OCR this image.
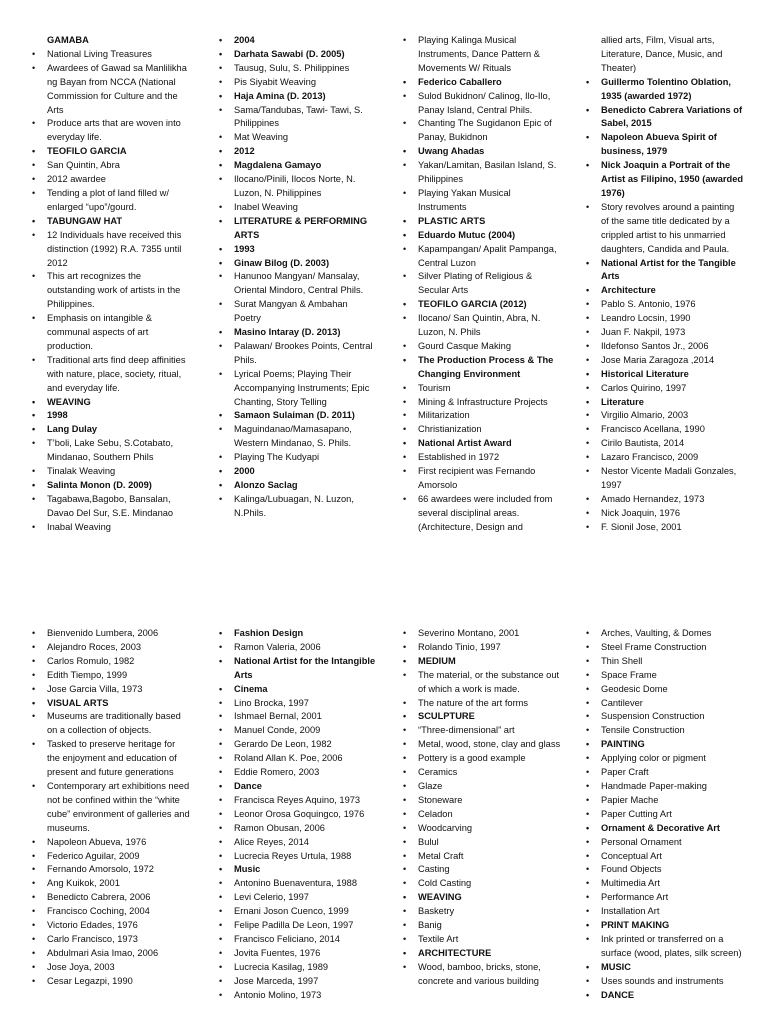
GAMABA
• National Living Treasures
• Awardees of Gawad sa Manlilikha ng Bayan from NCCA (National Commission for Culture and the Arts
• Produce arts that are woven into everyday life.
• TEOFILO GARCIA
• San Quintin, Abra
• 2012 awardee
• Tending a plot of land filled w/ enlarged “upo”/gourd.
• TABUNGAW HAT
• 12 Individuals have received this distinction (1992) R.A. 7355 until 2012
• This art recognizes the outstanding work of artists in the Philippines.
• Emphasis on intangible & communal aspects of art production.
• Traditional arts find deep affinities with nature, place, society, ritual, and everyday life.
• WEAVING
• 1998
• Lang Dulay
• T’boli, Lake Sebu, S.Cotabato, Mindanao, Southern Phils
• Tinalak Weaving
• Salinta Monon (D. 2009)
• Tagabawa,Bagobo, Bansalan, Davao Del Sur, S.E. Mindanao
• Inabal Weaving
• 2004
• Darhata Sawabi (D. 2005)
• Tausug, Sulu, S. Philippines
• Pis Siyabit Weaving
• Haja Amina (D. 2013)
• Sama/Tandubas, Tawi- Tawi, S. Philippines
• Mat Weaving
• 2012
• Magdalena Gamayo
• Ilocano/Pinili, Ilocos Norte, N. Luzon, N. Philippines
• Inabel Weaving
• LITERATURE & PERFORMING ARTS
• 1993
• Ginaw Bilog (D. 2003)
• Hanunoo Mangyan/ Mansalay, Oriental Mindoro, Central Phils.
• Surat Mangyan & Ambahan Poetry
• Masino Intaray (D. 2013)
• Palawan/ Brookes Points, Central Phils.
• Lyrical Poems; Playing Their Accompanying Instruments; Epic Chanting, Story Telling
• Samaon Sulaiman (D. 2011)
• Maguindanao/Mamasapano, Western Mindanao, S. Phils.
• Playing The Kudyapi
• 2000
• Alonzo Saclag
• Kalinga/Lubuagan, N. Luzon, N.Phils.
• Playing Kalinga Musical Instruments, Dance Pattern & Movements W/ Rituals
• Federico Caballero
• Sulod Bukidnon/ Calinog, Ilo-Ilo, Panay Island, Central Phils.
• Chanting The Sugidanon Epic of Panay, Bukidnon
• Uwang Ahadas
• Yakan/Lamitan, Basilan Island, S. Philippines
• Playing Yakan Musical Instruments
• PLASTIC ARTS
• Eduardo Mutuc (2004)
• Kapampangan/ Apalit Pampanga, Central Luzon
• Silver Plating of Religious & Secular Arts
• TEOFILO GARCIA (2012)
• Ilocano/ San Quintin, Abra, N. Luzon, N. Phils
• Gourd Casque Making
• The Production Process & The Changing Environment
• Tourism
• Mining & Infrastructure Projects
• Militarization
• Christianization
• National Artist Award
• Established in 1972
• First recipient was Fernando Amorsolo
• 66 awardees were included from several disciplinal areas. (Architecture, Design and
allied arts, Film, Visual arts, Literature, Dance, Music, and Theater)
• Guillermo Tolentino Oblation, 1935 (awarded 1972)
• Benedicto Cabrera Variations of Sabel, 2015
• Napoleon Abueva Spirit of business, 1979
• Nick Joaquin a Portrait of the Artist as Filipino, 1950 (awarded 1976)
• Story revolves around a painting of the same title dedicated by a crippled artist to his unmarried daughters, Candida and Paula.
• National Artist for the Tangible Arts
• Architecture
• Pablo S. Antonio, 1976
• Leandro Locsin, 1990
• Juan F. Nakpil, 1973
• Ildefonso Santos Jr., 2006
• Jose Maria Zaragoza ,2014
• Historical Literature
• Carlos Quirino, 1997
• Literature
• Virgilio Almario, 2003
• Francisco Acellana, 1990
• Cirilo Bautista, 2014
• Lazaro Francisco, 2009
• Nestor Vicente Madali Gonzales, 1997
• Amado Hernandez, 1973
• Nick Joaquin, 1976
• F. Sionil Jose, 2001
• Bienvenido Lumbera, 2006
• Alejandro Roces, 2003
• Carlos Romulo, 1982
• Edith Tiempo, 1999
• Jose Garcia Villa, 1973
• VISUAL ARTS
• Museums are traditionally based on a collection of objects.
• Tasked to preserve heritage for the enjoyment and education of present and future generations
• Contemporary art exhibitions need not be confined within the “white cube” environment of galleries and museums.
• Napoleon Abueva, 1976
• Federico Aguilar, 2009
• Fernando Amorsolo, 1972
• Ang Kuikok, 2001
• Benedicto Cabrera, 2006
• Francisco Coching, 2004
• Victorio Edades, 1976
• Carlo Francisco, 1973
• Abdulmari Asia Imao, 2006
• Jose Joya, 2003
• Cesar Legazpi, 1990
• Fashion Design
• Ramon Valeria, 2006
• National Artist for the Intangible Arts
• Cinema
• Lino Brocka, 1997
• Ishmael Bernal, 2001
• Manuel Conde, 2009
• Gerardo De Leon, 1982
• Roland Allan K. Poe, 2006
• Eddie Romero, 2003
• Dance
• Francisca Reyes Aquino, 1973
• Leonor Orosa Goquingco, 1976
• Ramon Obusan, 2006
• Alice Reyes, 2014
• Lucrecia Reyes Urtula, 1988
• Music
• Antonino Buenaventura, 1988
• Levi Celerio, 1997
• Ernani Joson Cuenco, 1999
• Felipe Padilla De Leon, 1997
• Francisco Feliciano, 2014
• Jovita Fuentes, 1976
• Lucrecia Kasilag, 1989
• Jose Marceda, 1997
• Antonio Molino, 1973
• Severino Montano, 2001
• Rolando Tinio, 1997
• MEDIUM
• The material, or the substance out of which a work is made.
• The nature of the art forms
• SCULPTURE
• “Three-dimensional” art
• Metal, wood, stone, clay and glass
• Pottery is a good example
• Ceramics
• Glaze
• Stoneware
• Celadon
• Woodcarving
• Bulul
• Metal Craft
• Casting
• Cold Casting
• WEAVING
• Basketry
• Banig
• Textile Art
• ARCHITECTURE
• Wood, bamboo, bricks, stone, concrete and various building
• Arches, Vaulting, & Domes
• Steel Frame Construction
• Thin Shell
• Space Frame
• Geodesic Dome
• Cantilever
• Suspension Construction
• Tensile Construction
• PAINTING
• Applying color or pigment
• Paper Craft
• Handmade Paper-making
• Papier Mache
• Paper Cutting Art
• Ornament & Decorative Art
• Personal Ornament
• Conceptual Art
• Found Objects
• Multimedia Art
• Performance Art
• Installation Art
• PRINT MAKING
• Ink printed or transferred on a surface (wood, plates, silk screen)
• MUSIC
• Uses sounds and instruments
• DANCE
